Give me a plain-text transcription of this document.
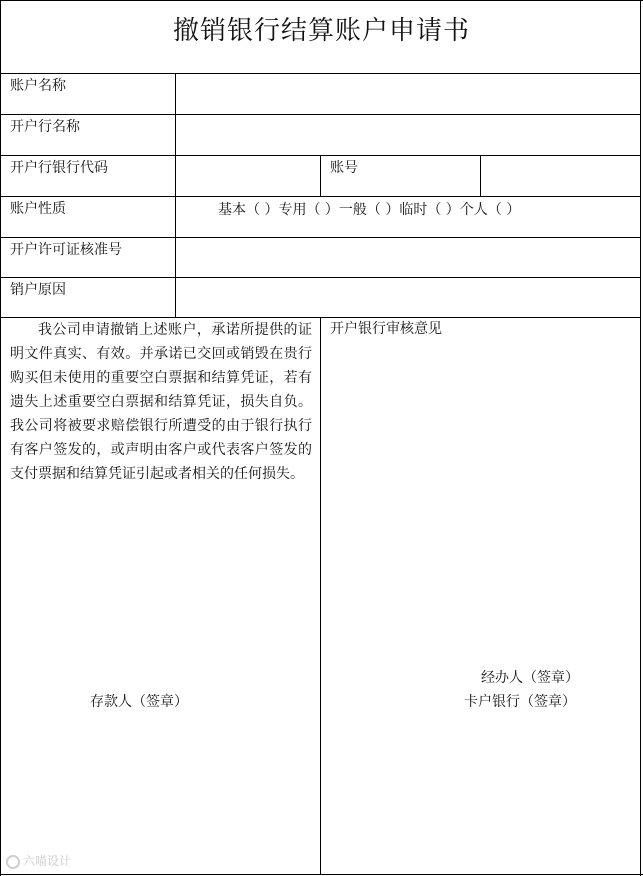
撤销银行结算账户申请书
账户名称
开户行名称
开户行银行代码	账号
账户性质	基本（ ）专用（ ）一般（ ）临时（ ）个人（ ）
开户许可证核准号
销户原因
我公司申请撤销上述账户，承诺所提供的证明文件真实、有效。并承诺已交回或销毁在贵行购买但未使用的重要空白票据和结算凭证，若有遗失上述重要空白票据和结算凭证，损失自负。我公司将被要求赔偿银行所遭受的由于银行执行有客户签发的，或声明由客户或代表客户签发的支付票据和结算凭证引起或者相关的任何损失。
存款人（签章）
开户银行审核意见
经办人（签章）
卡户银行（签章）
六喵设计
